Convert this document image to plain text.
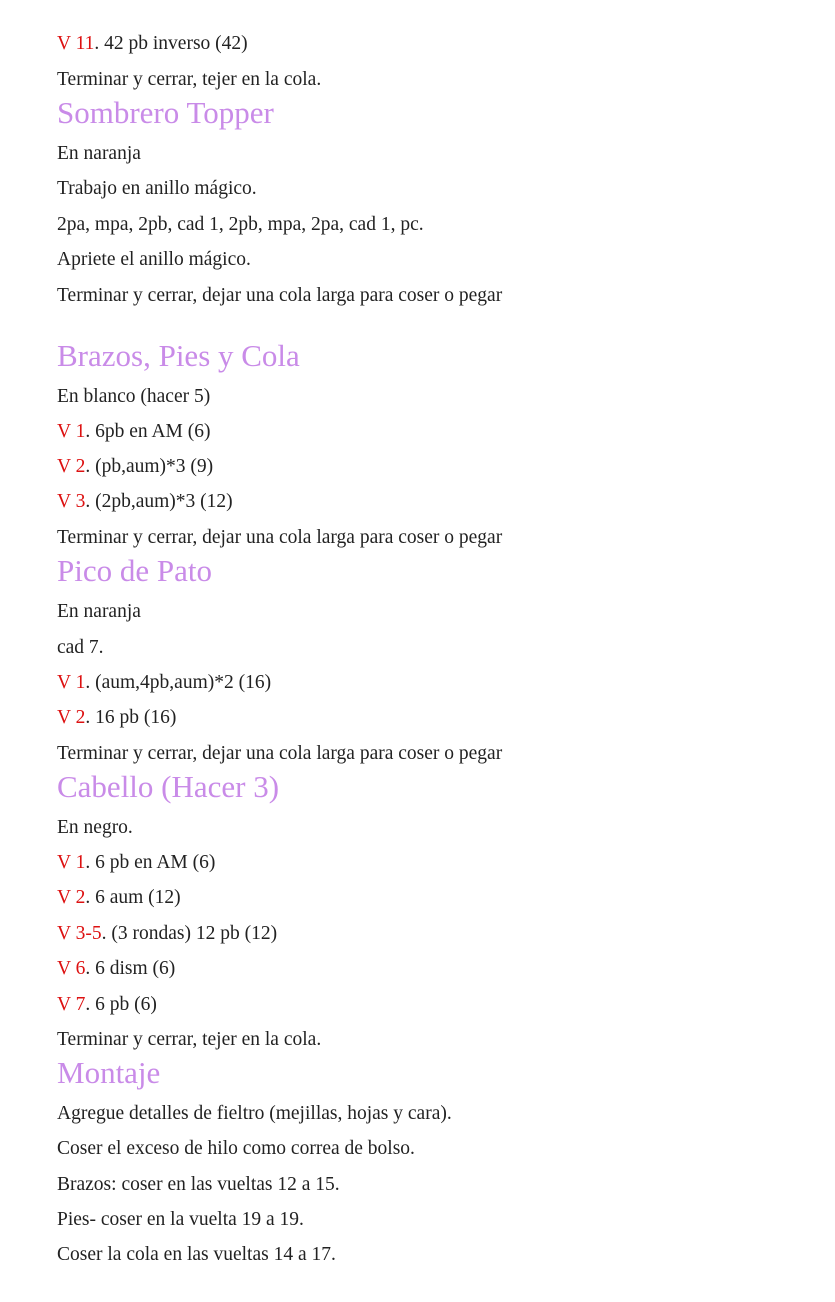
V 11. 42 pb inverso (42)
Terminar y cerrar, tejer en la cola.
Sombrero Topper
En naranja
Trabajo en anillo mágico.
2pa, mpa, 2pb, cad 1, 2pb, mpa, 2pa, cad 1, pc.
Apriete el anillo mágico.
Terminar y cerrar, dejar una cola larga para coser o pegar
Brazos, Pies y Cola
En blanco (hacer 5)
V 1. 6pb en AM (6)
V 2. (pb,aum)*3 (9)
V 3. (2pb,aum)*3 (12)
Terminar y cerrar, dejar una cola larga para coser o pegar
Pico de Pato
En naranja
cad 7.
V 1. (aum,4pb,aum)*2 (16)
V 2. 16 pb (16)
Terminar y cerrar, dejar una cola larga para coser o pegar
Cabello (Hacer 3)
En negro.
V 1. 6 pb en AM (6)
V 2. 6 aum (12)
V 3-5. (3 rondas) 12 pb (12)
V 6. 6 dism (6)
V 7. 6 pb (6)
Terminar y cerrar, tejer en la cola.
Montaje
Agregue detalles de fieltro (mejillas, hojas y cara).
Coser el exceso de hilo como correa de bolso.
Brazos: coser en las vueltas 12 a 15.
Pies- coser en la vuelta 19 a 19.
Coser la cola en las vueltas 14 a 17.
